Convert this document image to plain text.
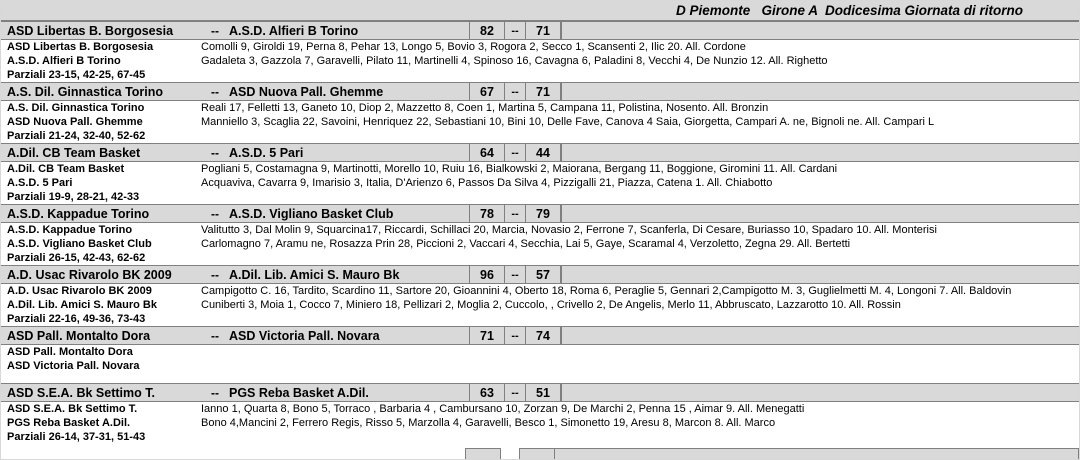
D Piemonte   Girone A  Dodicesima Giornata di ritorno
ASD Libertas B. Borgosesia	-- A.S.D. Alfieri B Torino	82	--	71
ASD Libertas B. Borgosesia	Comolli 9, Giroldi 19, Perna 8, Pehar 13, Longo 5, Bovio 3, Rogora 2, Secco 1, Scansenti 2, Ilic 20. All. Cordone
A.S.D. Alfieri B Torino	Gadaleta 3, Gazzola 7, Garavelli, Pilato 11, Martinelli 4, Spinoso 16, Cavagna 6, Paladini 8, Vecchi 4, De Nunzio 12. All. Righetto
Parziali 23-15, 42-25, 67-45
A.S. Dil. Ginnastica Torino	-- ASD Nuova Pall. Ghemme	67	--	71
A.S. Dil. Ginnastica Torino	Reali 17, Felletti 13, Ganeto 10, Diop 2, Mazzetto 8, Coen 1, Martina 5, Campana 11, Polistina, Nosento. All. Bronzin
ASD Nuova Pall. Ghemme	Manniello 3, Scaglia 22, Savoini, Henriquez 22, Sebastiani 10, Bini 10, Delle Fave, Canova 4 Saia, Giorgetta, Campari A. ne, Bignoli ne. All. Campari L
Parziali 21-24, 32-40, 52-62
A.Dil. CB Team Basket	-- A.S.D. 5 Pari	64	--	44
A.Dil. CB Team Basket	Pogliani 5, Costamagna 9, Martinotti, Morello 10, Ruiu 16, Bialkowski 2, Maiorana, Bergang 11, Boggione, Giromini 11. All. Cardani
A.S.D. 5 Pari	Acquaviva, Cavarra 9, Imarisio 3, Italia, D'Arienzo 6, Passos Da Silva 4, Pizzigalli 21, Piazza, Catena 1. All. Chiabotto
Parziali 19-9, 28-21, 42-33
A.S.D. Kappadue Torino	-- A.S.D. Vigliano Basket Club	78	--	79
A.S.D. Kappadue Torino	Valitutto 3, Dal Molin 9, Squarcina17, Riccardi, Schillaci 20, Marcia, Novasio 2, Ferrone 7, Scanferla, Di Cesare, Buriasso 10, Spadaro 10. All. Monterisi
A.S.D. Vigliano Basket Club	Carlomagno 7, Aramu ne, Rosazza Prin 28, Piccioni 2, Vaccari 4, Secchia, Lai 5, Gaye, Scaramal 4, Verzoletto, Zegna 29. All. Bertetti
Parziali 26-15, 42-43, 62-62
A.D. Usac Rivarolo BK 2009	-- A.Dil. Lib. Amici S. Mauro Bk	96	--	57
A.D. Usac Rivarolo BK 2009	Campigotto C. 16, Tardito, Scardino 11, Sartore 20, Gioannini 4, Oberto 18, Roma 6, Peraglie 5, Gennari 2,Campigotto M. 3, Guglielmetti M. 4, Longoni 7. All. Baldovin
A.Dil. Lib. Amici S. Mauro Bk	Cuniberti 3, Moia 1, Cocco 7, Miniero 18, Pellizari 2, Moglia 2, Cuccolo, , Crivello 2, De Angelis, Merlo 11, Abbruscato, Lazzarotto 10. All. Rossin
Parziali 22-16, 49-36, 73-43
ASD Pall. Montalto Dora	-- ASD Victoria Pall. Novara	71	--	74
ASD Pall. Montalto Dora
ASD Victoria Pall. Novara
ASD S.E.A. Bk Settimo T.	-- PGS Reba Basket A.Dil.	63	--	51
ASD S.E.A. Bk Settimo T.	Ianno 1, Quarta 8, Bono 5, Torraco , Barbaria 4 , Cambursano 10, Zorzan 9, De Marchi 2, Penna 15 , Aimar 9. All. Menegatti
PGS Reba Basket A.Dil.	Bono 4,Mancini 2, Ferrero Regis, Risso 5, Marzolla 4, Garavelli, Besco 1, Simonetto 19, Aresu 8, Marcon 8. All. Marco
Parziali 26-14, 37-31, 51-43
